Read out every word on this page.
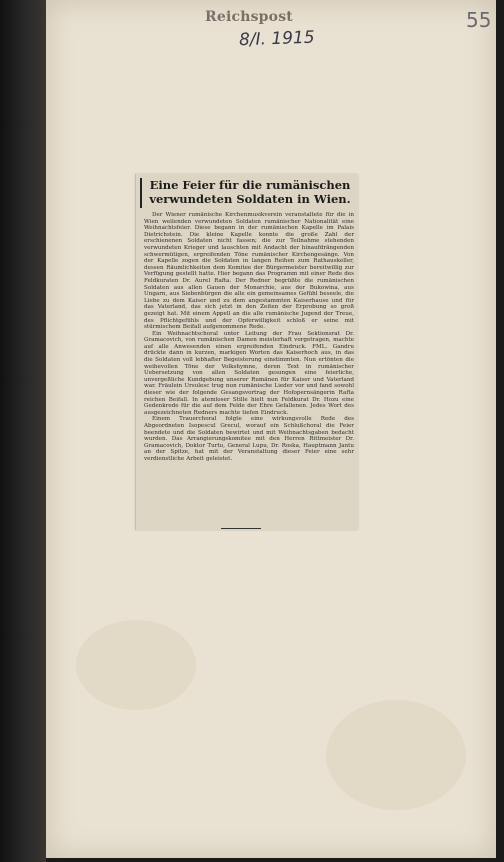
Reichspost
8/I. 1915
55
Eine Feier für die rumänischen verwundeten Soldaten in Wien.

Der Wiener rumänische Kirchenmusikverein veranstaltete für die in Wien weilenden verwundeten Soldaten rumänischer Nationalität eine Weihnachtsfeier. Diese begann in der rumänischen Kapelle im Palais Dietrichstein. Die kleine Kapelle konnte die große Zahl der erschienenen Soldaten nicht fassen; die zur Teilnahme stehenden verwundeten Krieger und lauschten mit Andacht der hinaufdrängenden schwermütigen, ergreifenden Töne rumänischer Kirchengesänge. Von der Kapelle zogen die Soldaten in langen Reihen zum Rathauskeller, dessen Räumlichkeiten dem Komitee der Bürgermeister bereitwillig zur Verfügung gestellt hatte. Hier begann das Programm mit einer Rede des Feldkuraten Dr. Aurel Rafta. Der Redner begrüßte die rumänischen Soldaten aus allen Gauen der Monarchie, aus der Bukowina, aus Ungarn, aus Siebenbürgen die alle ein gemeinsames Gefühl beseele, die Liebe zu dem Kaiser und zu dem angestammten Kaiserhause und für das Vaterland, das sich jetzt in den Zeiten der Erprobung so groß gezeigt hat. Mit einem Appell an die alle rumänische Jugend der Treue, des Pflichtgefühls und der Opferwilligkeit schloß er seine mit stürmischem Beifall aufgenommene Rede.

Ein Weihnachtschoral unter Leitung der Frau Sektionsrat Dr. Gramacovich, von rumänischen Damen meisterhaft vorgetragen, machte auf alle Anwesenden einen ergreifenden Eindruck. FML. Gandru drückte dann in kurzen, markigen Worten das Kaiserhoch aus, in das die Soldaten voll lebhafter Begeisterung einstimmten. Nun ertönten die weihevollen Töne der Volkshymne, deren Text in rumänischer Uebersetzung von allen Soldaten gesungen eine feierliche, unvergeßliche Kundgebung unserer Rumänen für Kaiser und Vaterland war. Fräulein Ursulesc trug nun rumänische Lieder vor und fand sowohl dieser wie der folgende Gesangsvortrag der Hofopernsängerin Rafta reichen Beifall. In atemloser Stille hielt nun Feldkurat Dr. Hozu eine Gedenkrede für die auf dem Felde der Ehre Gefallenen. Jedes Wort des ausgezeichneten Redners machte tiefen Eindruck.

Einem Trauerchoral folgte eine wirkungsvolle Rede des Abgeordneten Isopescul Grecul, worauf ein Schlußchoral die Feier beendete und die Soldaten bewirtet und mit Weihnachtsgaben bedacht wurden. Das Arrangierungskomitee mit den Herren Rittmeister Dr. Gramacovich, Doktor Turtu, General Lupu, Dr. Roska, Hauptmann Jantu an der Spitze, hat mit der Veranstaltung dieser Feier eine sehr verdienstliche Arbeit geleistet.
